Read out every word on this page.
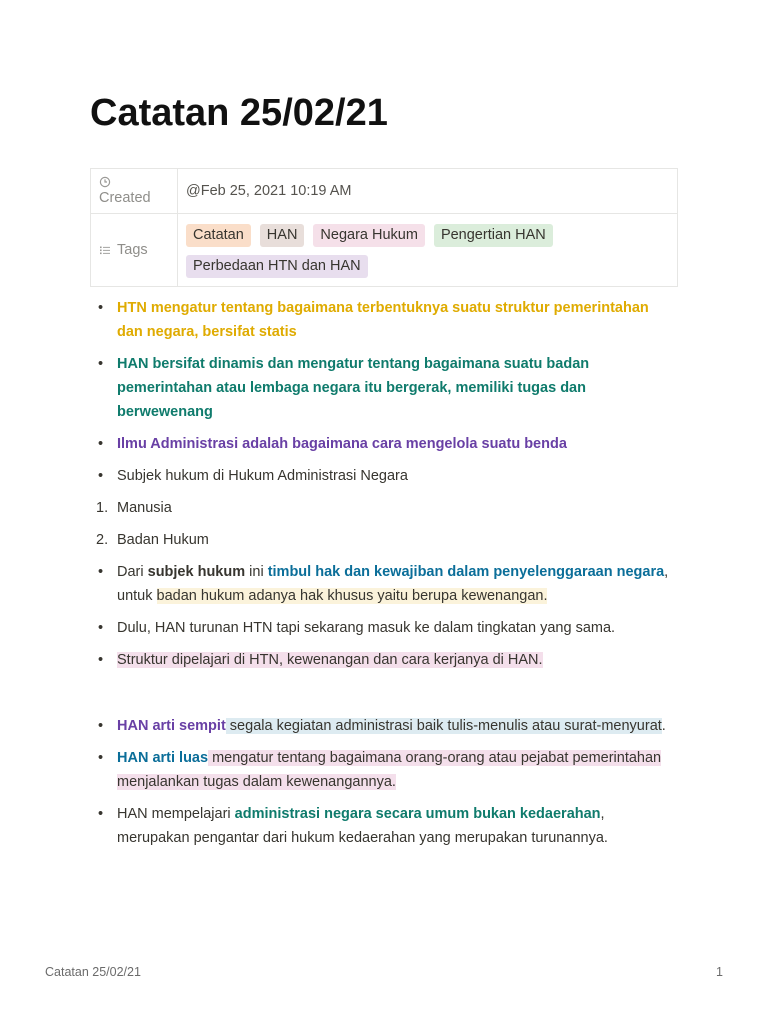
Catatan 25/02/21
Created	@Feb 25, 2021 10:19 AM

Tags	Catatan HAN Negara Hukum Pengertian HAN
Perbedaan HTN dan HAN
• HTN mengatur tentang bagaimana terbentuknya suatu struktur pemerintahan dan negara, bersifat statis
• HAN bersifat dinamis dan mengatur tentang bagaimana suatu badan pemerintahan atau lembaga negara itu bergerak, memiliki tugas dan berwewenang
• Ilmu Administrasi adalah bagaimana cara mengelola suatu benda
• Subjek hukum di Hukum Administrasi Negara
1. Manusia
2. Badan Hukum
• Dari subjek hukum ini timbul hak dan kewajiban dalam penyelenggaraan negara, untuk badan hukum adanya hak khusus yaitu berupa kewenangan.
• Dulu, HAN turunan HTN tapi sekarang masuk ke dalam tingkatan yang sama.
• Struktur dipelajari di HTN, kewenangan dan cara kerjanya di HAN.
• HAN arti sempit segala kegiatan administrasi baik tulis-menulis atau surat-menyurat.
• HAN arti luas mengatur tentang bagaimana orang-orang atau pejabat pemerintahan menjalankan tugas dalam kewenangannya.
• HAN mempelajari administrasi negara secara umum bukan kedaerahan, merupakan pengantar dari hukum kedaerahan yang merupakan turunannya.
Catatan 25/02/21	1
